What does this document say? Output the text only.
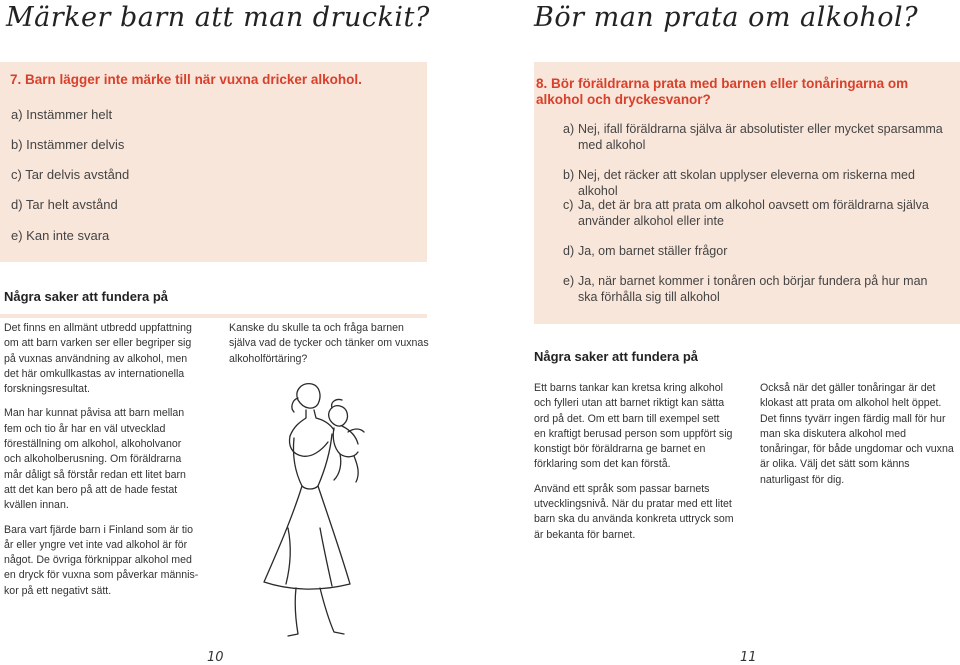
Märker barn att man druckit?
7. Barn lägger inte märke till när vuxna dricker alkohol.
a) Instämmer helt
b) Instämmer delvis
c) Tar delvis avstånd
d) Tar helt avstånd
e) Kan inte svara
Några saker att fundera på

Det finns en allmänt utbredd uppfattning om att barn varken ser eller begriper sig på vuxnas användning av alkohol, men det här omkullkastas av internationella forskningsresultat.

Man har kunnat påvisa att barn mellan fem och tio år har en väl utvecklad föreställning om alkohol, alkoholvanor och alkoholberusning. Om föräldrarna mår dåligt så förstår redan ett litet barn att det kan bero på att de hade festat kvällen innan.

Bara vart fjärde barn i Finland som är tio år eller yngre vet inte vad alkohol är för något. De övriga förknippar alkohol med en dryck för vuxna som påverkar männis-kor på ett negativt sätt.

Kanske du skulle ta och fråga barnen själva vad de tycker och tänker om vuxnas alkoholförtäring?
10
Bör man prata om alkohol?
8. Bör föräldrarna prata med barnen eller tonåringarna om alkohol och dryckesvanor?
a) Nej, ifall föräldrarna själva är absolutister eller mycket sparsamma med alkohol
b) Nej, det räcker att skolan upplyser eleverna om riskerna med alkohol
c) Ja, det är bra att prata om alkohol oavsett om föräldrarna själva använder alkohol eller inte
d) Ja, om barnet ställer frågor
e) Ja, när barnet kommer i tonåren och börjar fundera på hur man ska förhålla sig till alkohol
Några saker att fundera på

Ett barns tankar kan kretsa kring alkohol och fylleri utan att barnet riktigt kan sätta ord på det. Om ett barn till exempel sett en kraftigt berusad person som uppfört sig konstigt bör föräldrarna ge barnet en förklaring som det kan förstå.

Använd ett språk som passar barnets utvecklingsnivå. När du pratar med ett litet barn ska du använda konkreta uttryck som är bekanta för barnet.

Också när det gäller tonåringar är det klokast att prata om alkohol helt öppet. Det finns tyvärr ingen färdig mall för hur man ska diskutera alkohol med tonåringar, för både ungdomar och vuxna är olika. Välj det sätt som känns naturligast för dig.
11
